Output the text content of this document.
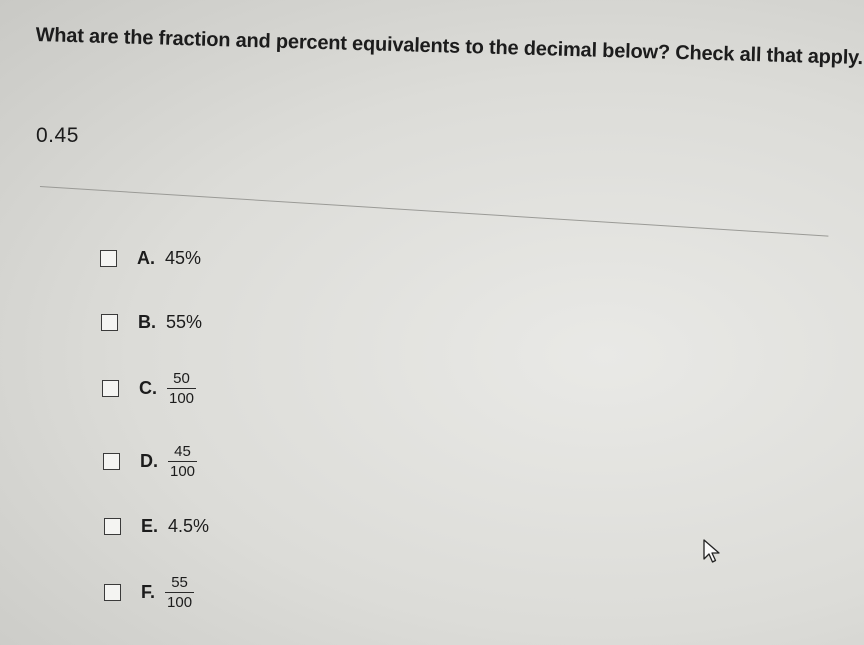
What are the fraction and percent equivalents to the decimal below? Check all that apply.
0.45
A. 45%
B. 55%
C. $\frac{50}{100}$
D. $\frac{45}{100}$
E. 4.5%
F. $\frac{55}{100}$
